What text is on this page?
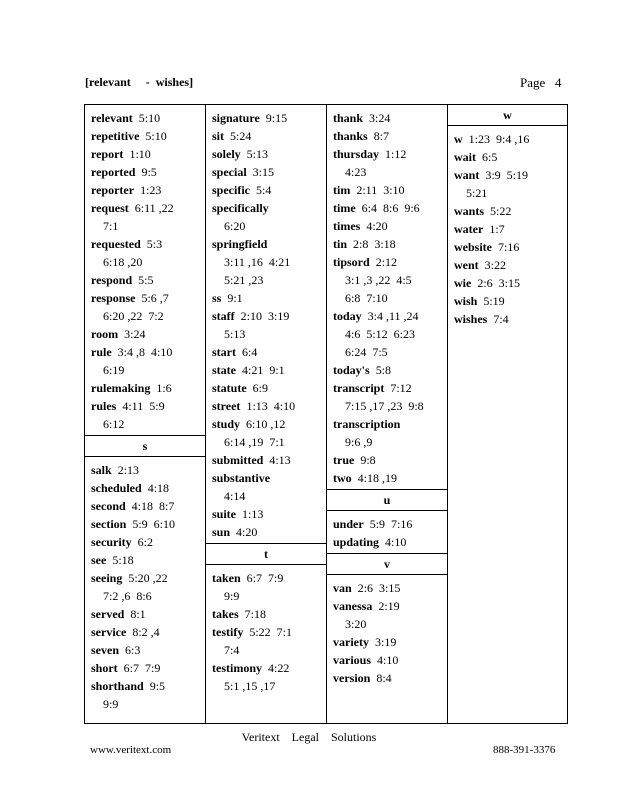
[relevant     -  wishes]	Page   4
relevant  5:10
repetitive  5:10
report  1:10
reported  9:5
reporter  1:23
request  6:11 ,22
7:1
requested  5:3
6:18 ,20
respond  5:5
response  5:6 ,7
6:20 ,22  7:2
room  3:24
rule  3:4 ,8  4:10
6:19
rulemaking  1:6
rules  4:11  5:9
6:12
s
salk  2:13
scheduled  4:18
second  4:18  8:7
section  5:9  6:10
security  6:2
see  5:18
seeing  5:20 ,22
7:2 ,6  8:6
served  8:1
service  8:2 ,4
seven  6:3
short  6:7  7:9
shorthand  9:5
9:9
signature  9:15
sit  5:24
solely  5:13
special  3:15
specific  5:4
specifically
6:20
springfield
3:11 ,16  4:21
5:21 ,23
ss  9:1
staff  2:10  3:19
5:13
start  6:4
state  4:21  9:1
statute  6:9
street  1:13  4:10
study  6:10 ,12
6:14 ,19  7:1
submitted  4:13
substantive
4:14
suite  1:13
sun  4:20
t
taken  6:7  7:9
9:9
takes  7:18
testify  5:22  7:1
7:4
testimony  4:22
5:1 ,15 ,17
thank  3:24
thanks  8:7
thursday  1:12
4:23
tim  2:11  3:10
time  6:4  8:6  9:6
times  4:20
tin  2:8  3:18
tipsord  2:12
3:1 ,3 ,22  4:5
6:8  7:10
today  3:4 ,11 ,24
4:6  5:12  6:23
6:24  7:5
today's  5:8
transcript  7:12
7:15 ,17 ,23  9:8
transcription
9:6 ,9
true  9:8
two  4:18 ,19
u
under  5:9  7:16
updating  4:10
v
van  2:6  3:15
vanessa  2:19
3:20
variety  3:19
various  4:10
version  8:4
w
w  1:23  9:4 ,16
wait  6:5
want  3:9  5:19
5:21
wants  5:22
water  1:7
website  7:16
went  3:22
wie  2:6  3:15
wish  5:19
wishes  7:4
Veritext    Legal    Solutions
www.veritext.com	888-391-3376
